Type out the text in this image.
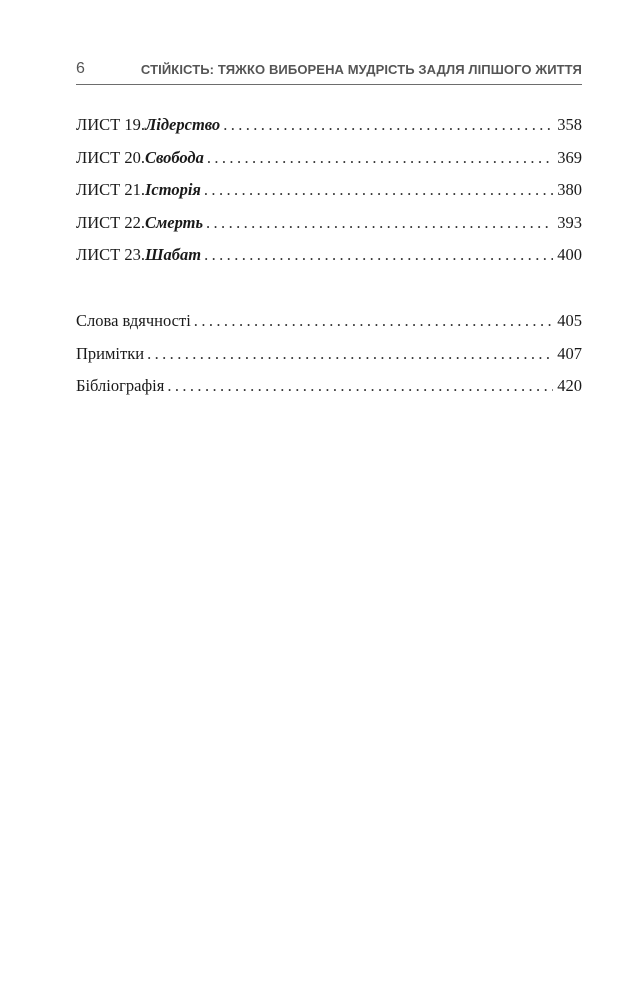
6	СТІЙКІСТЬ: ТЯЖКО ВИБОРЕНА МУДРІСТЬ ЗАДЛЯ ЛІПШОГО ЖИТТЯ
ЛИСТ 19. Лідерство .....	358
ЛИСТ 20. Свобода .....	369
ЛИСТ 21. Історія .....	380
ЛИСТ 22. Смерть .....	393
ЛИСТ 23. Шабат .....	400
Слова вдячності .....	405
Примітки .....	407
Бібліографія .....	420
